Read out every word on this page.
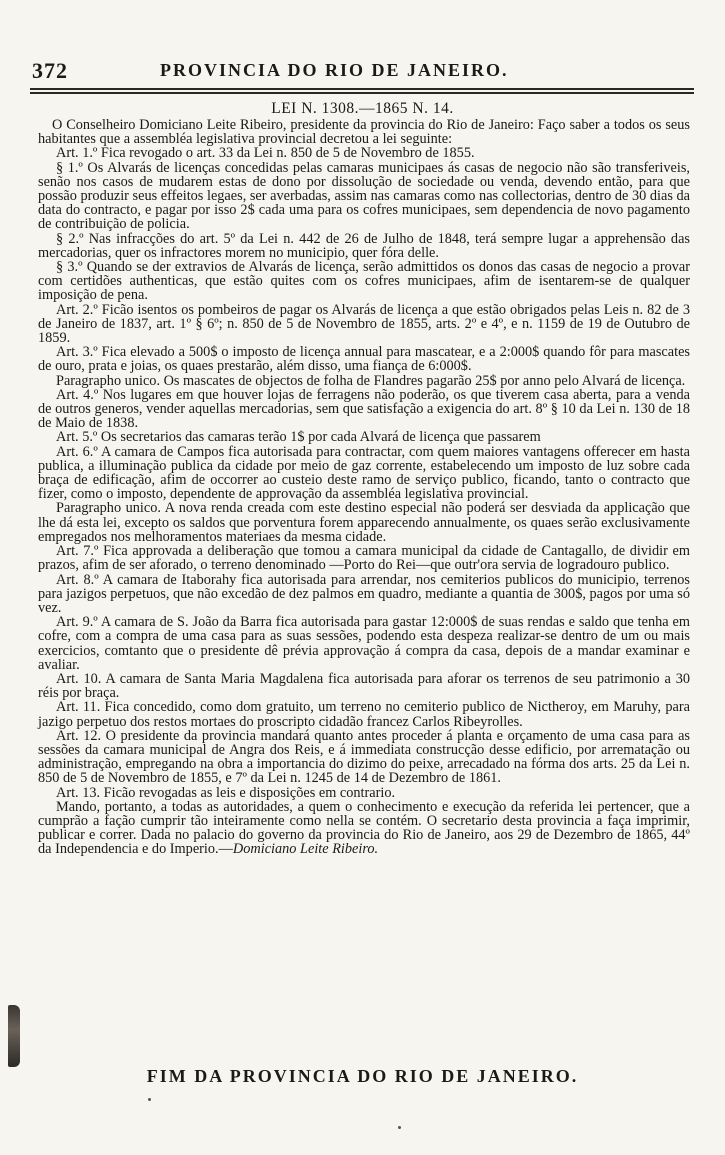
372	PROVINCIA DO RIO DE JANEIRO.
LEI N. 1308.—1865 N. 14.

O Conselheiro Domiciano Leite Ribeiro, presidente da provincia do Rio de Janeiro: Faço saber a todos os seus habitantes que a assembléa legislativa provincial decretou a lei seguinte:

Art. 1.º Fica revogado o art. 33 da Lei n. 850 de 5 de Novembro de 1855.

§ 1.º Os Alvarás de licenças concedidas pelas camaras municipaes ás casas de negocio não são transferiveis, senão nos casos de mudarem estas de dono por dissolução de sociedade ou venda, devendo então, para que possão produzir seus effeitos legaes, ser averbadas, assim nas camaras como nas collectorias, dentro de 30 dias da data do contracto, e pagar por isso 2$ cada uma para os cofres municipaes, sem dependencia de novo pagamento de contribuição de policia.

§ 2.º Nas infracções do art. 5º da Lei n. 442 de 26 de Julho de 1848, terá sempre lugar a apprehensão das mercadorias, quer os infractores morem no municipio, quer fóra delle.

§ 3.º Quando se der extravios de Alvarás de licença, serão admittidos os donos das casas de negocio a provar com certidões authenticas, que estão quites com os cofres municipaes, afim de isentarem-se de qualquer imposição de pena.

Art. 2.º Ficão isentos os pombeiros de pagar os Alvarás de licença a que estão obrigados pelas Leis n. 82 de 3 de Janeiro de 1837, art. 1º § 6º; n. 850 de 5 de Novembro de 1855, arts. 2º e 4º, e n. 1159 de 19 de Outubro de 1859.

Art. 3.º Fica elevado a 500$ o imposto de licença annual para mascatear, e a 2:000$ quando fôr para mascates de ouro, prata e joias, os quaes prestarão, além disso, uma fiança de 6:000$.

Paragrapho unico. Os mascates de objectos de folha de Flandres pagarão 25$ por anno pelo Alvará de licença.

Art. 4.º Nos lugares em que houver lojas de ferragens não poderão, os que tiverem casa aberta, para a venda de outros generos, vender aquellas mercadorias, sem que satisfação a exigencia do art. 8º § 10 da Lei n. 130 de 18 de Maio de 1838.

Art. 5.º Os secretarios das camaras terão 1$ por cada Alvará de licença que passarem

Art. 6.º A camara de Campos fica autorisada para contractar, com quem maiores vantagens offerecer em hasta publica, a illuminação publica da cidade por meio de gaz corrente, estabelecendo um imposto de luz sobre cada braça de edificação, afim de occorrer ao custeio deste ramo de serviço publico, ficando, tanto o contracto que fizer, como o imposto, dependente de approvação da assembléa legislativa provincial.

Paragrapho unico. A nova renda creada com este destino especial não poderá ser desviada da applicação que lhe dá esta lei, excepto os saldos que porventura forem apparecendo annualmente, os quaes serão exclusivamente empregados nos melhoramentos materiaes da mesma cidade.

Art. 7.º Fica approvada a deliberação que tomou a camara municipal da cidade de Cantagallo, de dividir em prazos, afim de ser aforado, o terreno denominado —Porto do Rei—que outr'ora servia de logradouro publico.

Art. 8.º A camara de Itaborahy fica autorisada para arrendar, nos cemiterios publicos do municipio, terrenos para jazigos perpetuos, que não excedão de dez palmos em quadro, mediante a quantia de 300$, pagos por uma só vez.

Art. 9.º A camara de S. João da Barra fica autorisada para gastar 12:000$ de suas rendas e saldo que tenha em cofre, com a compra de uma casa para as suas sessões, podendo esta despeza realizar-se dentro de um ou mais exercicios, comtanto que o presidente dê prévia approvação á compra da casa, depois de a mandar examinar e avaliar.

Art. 10. A camara de Santa Maria Magdalena fica autorisada para aforar os terrenos de seu patrimonio a 30 réis por braça.

Art. 11. Fica concedido, como dom gratuito, um terreno no cemiterio publico de Nictheroy, em Maruhy, para jazigo perpetuo dos restos mortaes do proscripto cidadão francez Carlos Ribeyrolles.

Art. 12. O presidente da provincia mandará quanto antes proceder á planta e orçamento de uma casa para as sessões da camara municipal de Angra dos Reis, e á immediata construcção desse edificio, por arrematação ou administração, empregando na obra a importancia do dizimo do peixe, arrecadado na fórma dos arts. 25 da Lei n. 850 de 5 de Novembro de 1855, e 7º da Lei n. 1245 de 14 de Dezembro de 1861.

Art. 13. Ficão revogadas as leis e disposições em contrario.

Mando, portanto, a todas as autoridades, a quem o conhecimento e execução da referida lei pertencer, que a cumprão a fação cumprir tão inteiramente como nella se contém. O secretario desta provincia a faça imprimir, publicar e correr. Dada no palacio do governo da provincia do Rio de Janeiro, aos 29 de Dezembro de 1865, 44º da Independencia e do Imperio.—Domiciano Leite Ribeiro.

FIM DA PROVINCIA DO RIO DE JANEIRO.
